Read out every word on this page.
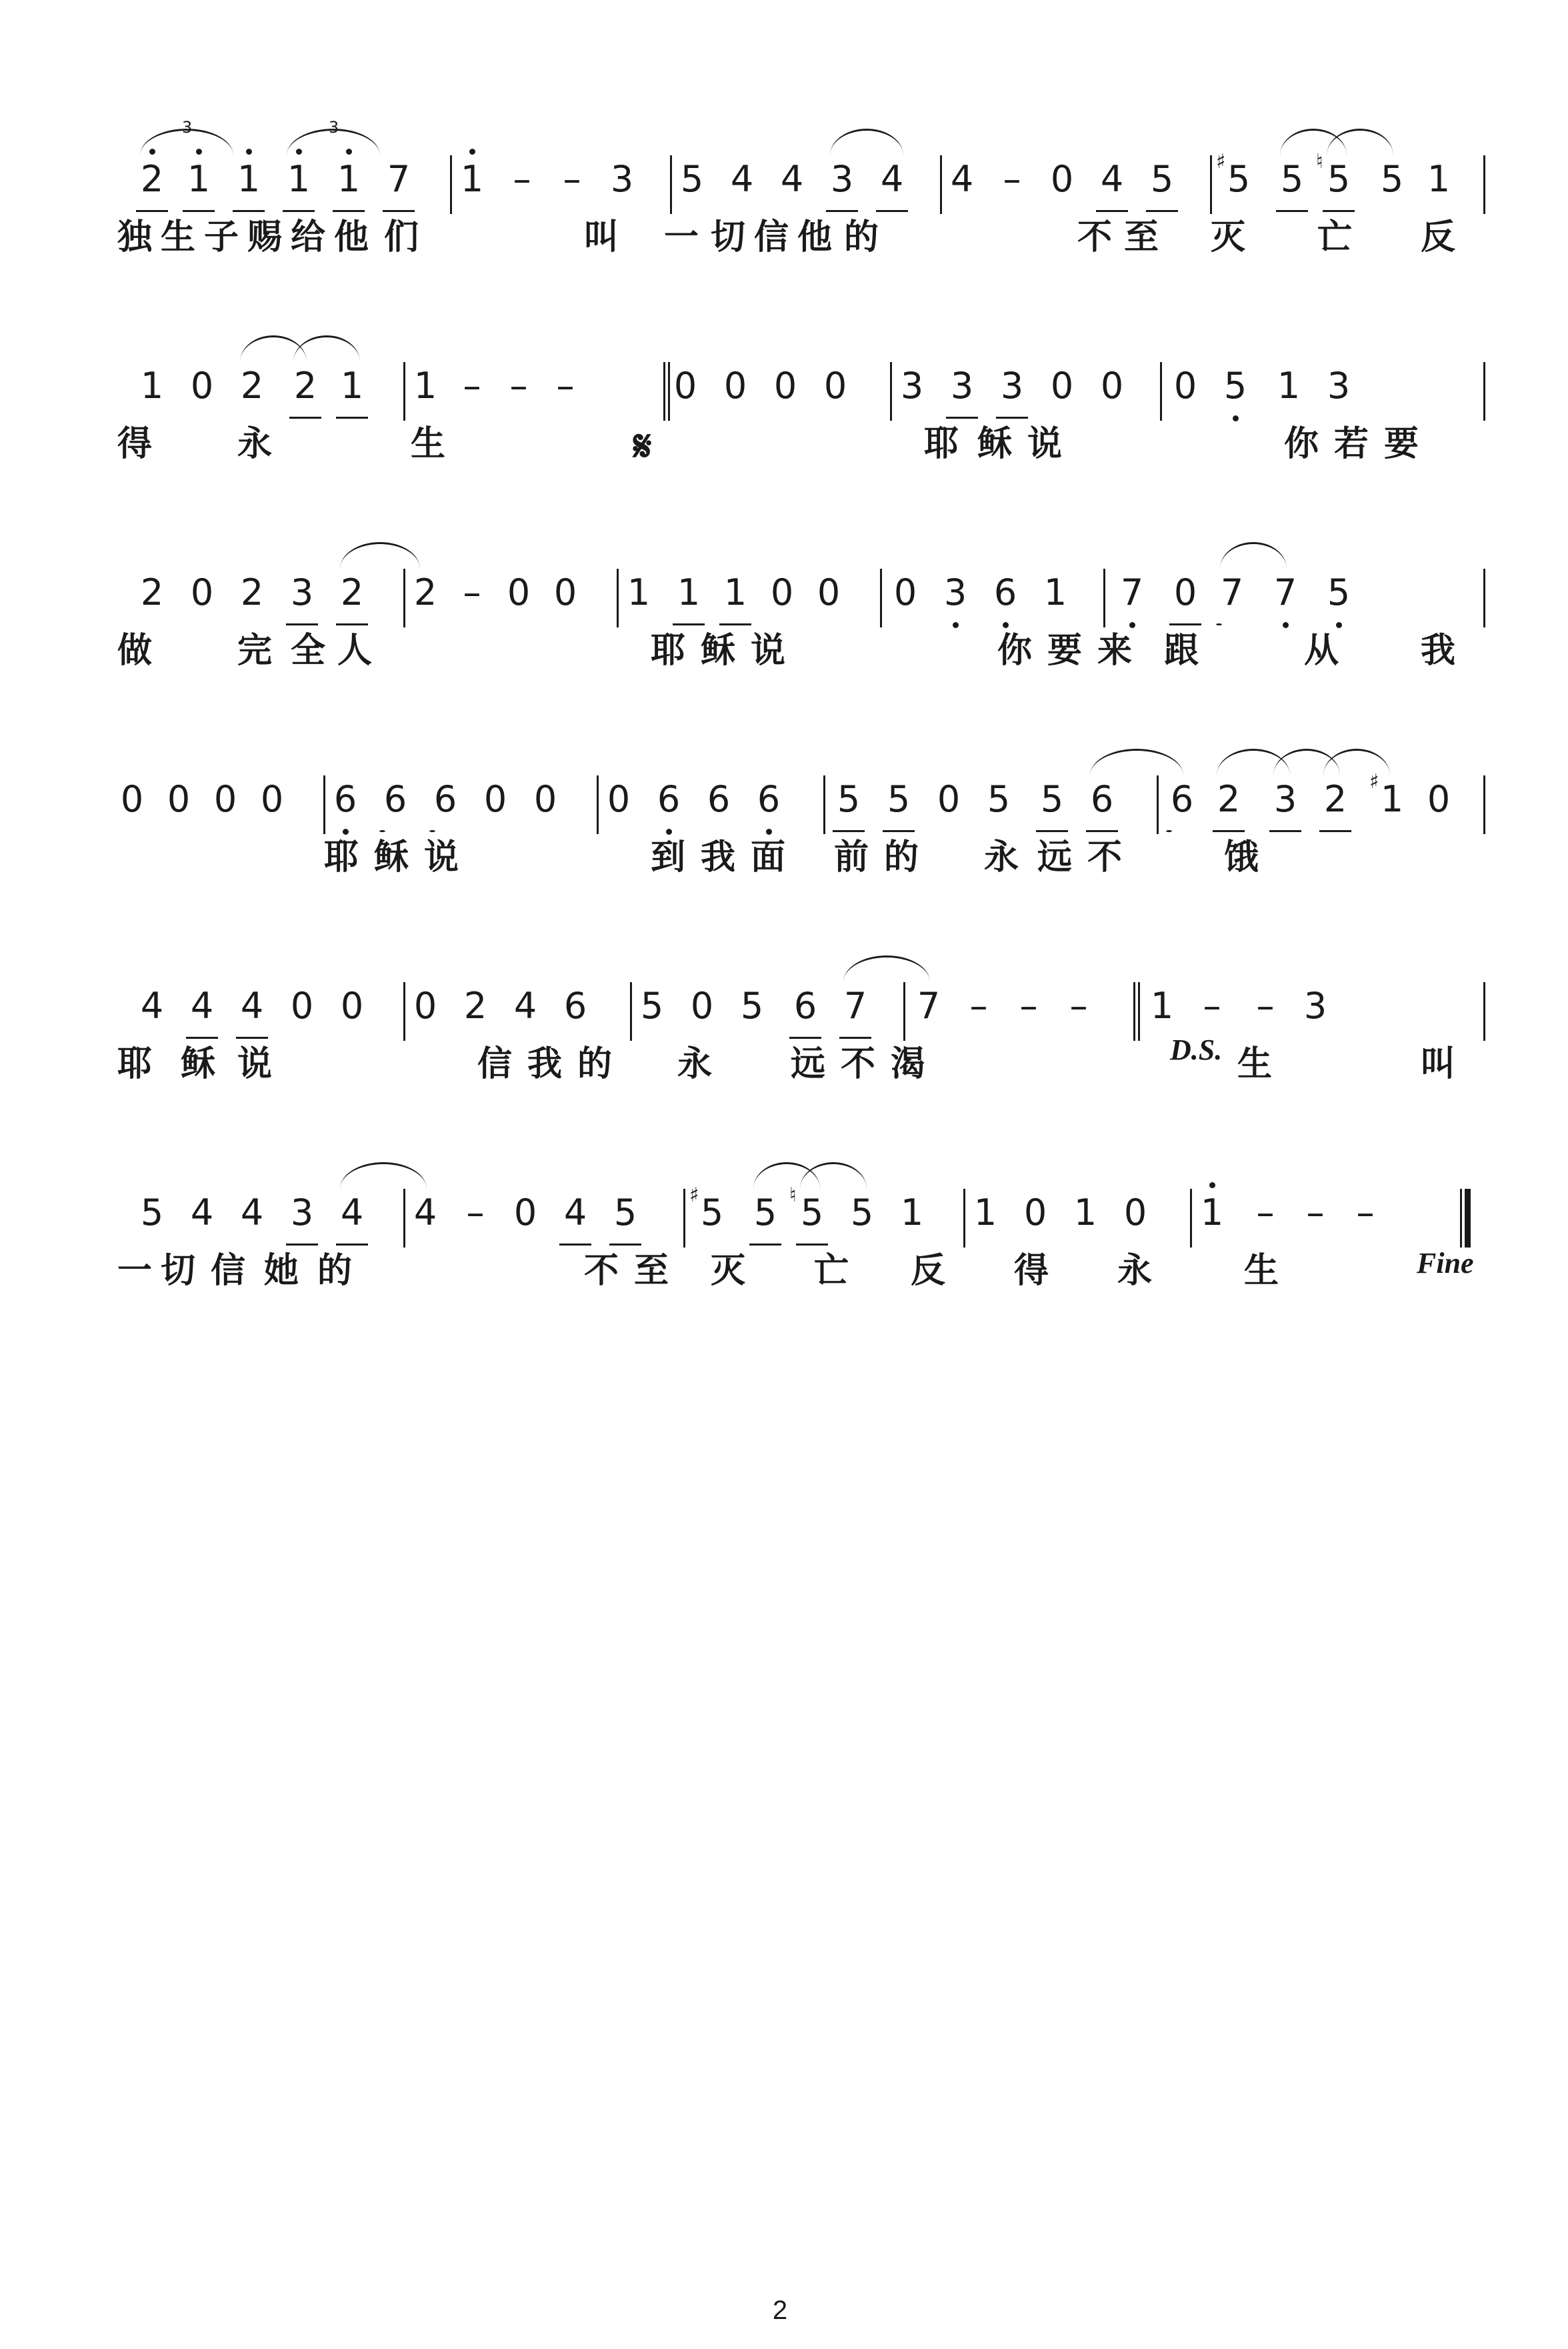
2 1 1 1 1 7 1 – – 3 5 4 4 3 4 4 – 0 4 5 5
♯ 5 5
♮ 5 1
3	3
独 生 子 赐 给 他 们	叫 一 切 信 他 的	不 至 灭 亡 反
1 0 2 2 1 1 – – –	0 0 0 0 3 3 3 0 0 0 5 1 3
得 永	生	耶 稣 说	你 若 要
𝄋
2 0 2 3 2 2 – 0 0 1 1 1 0 0 0 3 6 1 7 0 7 7 5
做 完 全 人	耶 稣 说	你 要 来 跟	从 我
0 0 0 0 6 6 6 0 0 0 6 6 6 5 5 0 5 5 6 6 2 3 2 1
♯ 0
耶 稣 说	到 我 面 前 的 永 远 不	饿
4 4 4 0 0 0 2 4 6 5 0 5 6 7 7 – – – 1 – – 3
耶 稣 说	信 我 的 永 远 不 渴	生	叫
D.S.
5 4 4 3 4 4 – 0 4 5 5
♯ 5 5
♮ 5 1 1 0 1 0 1 – – –
一 切 信 她 的	不 至 灭 亡 反 得 永	生	Fine
2
